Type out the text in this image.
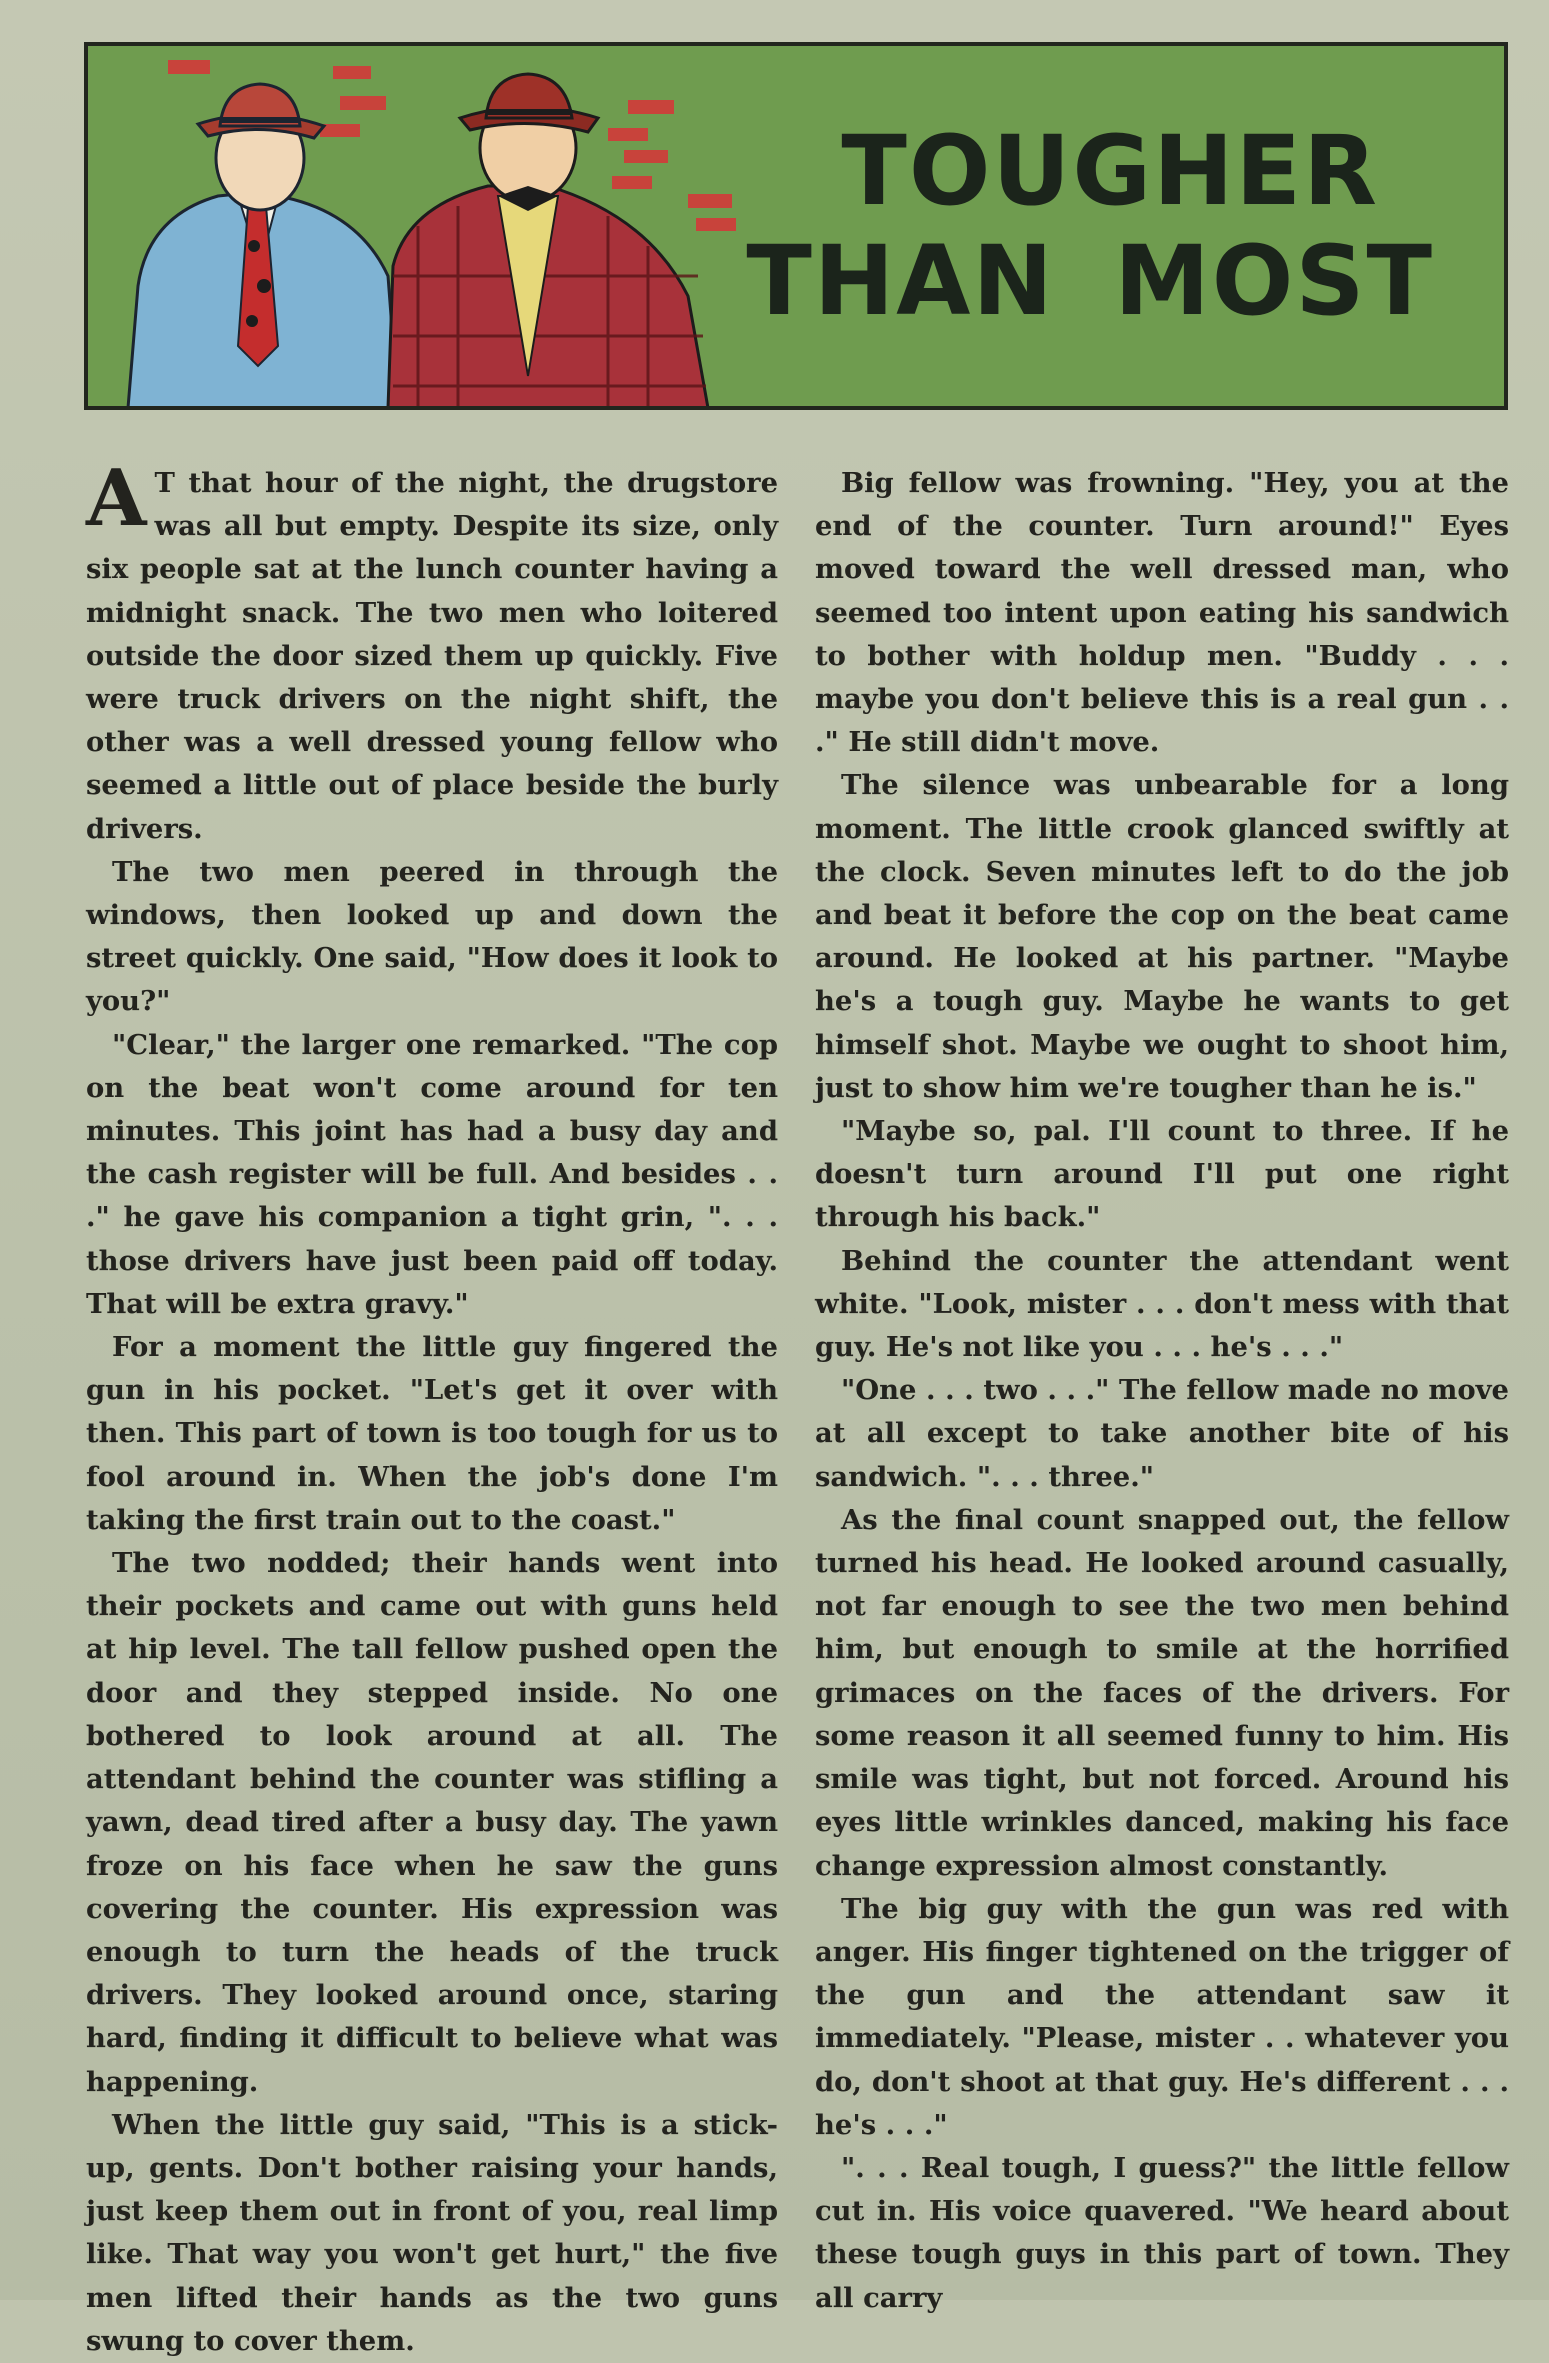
TOUGHER
THAN MOST

A T that hour of the night, the drugstore was all but empty. Despite its size, only six people sat at the lunch counter having a midnight snack. The two men who loitered outside the door sized them up quickly. Five were truck drivers on the night shift, the other was a well dressed young fellow who seemed a little out of place beside the burly drivers.

The two men peered in through the windows, then looked up and down the street quickly. One said, "How does it look to you?"

"Clear," the larger one remarked. "The cop on the beat won't come around for ten minutes. This joint has had a busy day and the cash register will be full. And besides . . ." he gave his companion a tight grin, ". . . those drivers have just been paid off today. That will be extra gravy."

For a moment the little guy fingered the gun in his pocket. "Let's get it over with then. This part of town is too tough for us to fool around in. When the job's done I'm taking the first train out to the coast."

The two nodded; their hands went into their pockets and came out with guns held at hip level. The tall fellow pushed open the door and they stepped inside. No one bothered to look around at all. The attendant behind the counter was stifling a yawn, dead tired after a busy day. The yawn froze on his face when he saw the guns covering the counter. His expression was enough to turn the heads of the truck drivers. They looked around once, staring hard, finding it difficult to believe what was happening.

When the little guy said, "This is a stick-up, gents. Don't bother raising your hands, just keep them out in front of you, real limp like. That way you won't get hurt," the five men lifted their hands as the two guns swung to cover them.

Big fellow was frowning. "Hey, you at the end of the counter. Turn around!" Eyes moved toward the well dressed man, who seemed too intent upon eating his sandwich to bother with holdup men. "Buddy . . . maybe you don't believe this is a real gun . . ." He still didn't move.

The silence was unbearable for a long moment. The little crook glanced swiftly at the clock. Seven minutes left to do the job and beat it before the cop on the beat came around. He looked at his partner. "Maybe he's a tough guy. Maybe he wants to get himself shot. Maybe we ought to shoot him, just to show him we're tougher than he is."

"Maybe so, pal. I'll count to three. If he doesn't turn around I'll put one right through his back."

Behind the counter the attendant went white. "Look, mister . . . don't mess with that guy. He's not like you . . . he's . . ."

"One . . . two . . ." The fellow made no move at all except to take another bite of his sandwich. ". . . three."

As the final count snapped out, the fellow turned his head. He looked around casually, not far enough to see the two men behind him, but enough to smile at the horrified grimaces on the faces of the drivers. For some reason it all seemed funny to him. His smile was tight, but not forced. Around his eyes little wrinkles danced, making his face change expression almost constantly.

The big guy with the gun was red with anger. His finger tightened on the trigger of the gun and the attendant saw it immediately. "Please, mister . . whatever you do, don't shoot at that guy. He's different . . . he's . . ."

". . . Real tough, I guess?" the little fellow cut in. His voice quavered. "We heard about these tough guys in this part of town. They all carry
